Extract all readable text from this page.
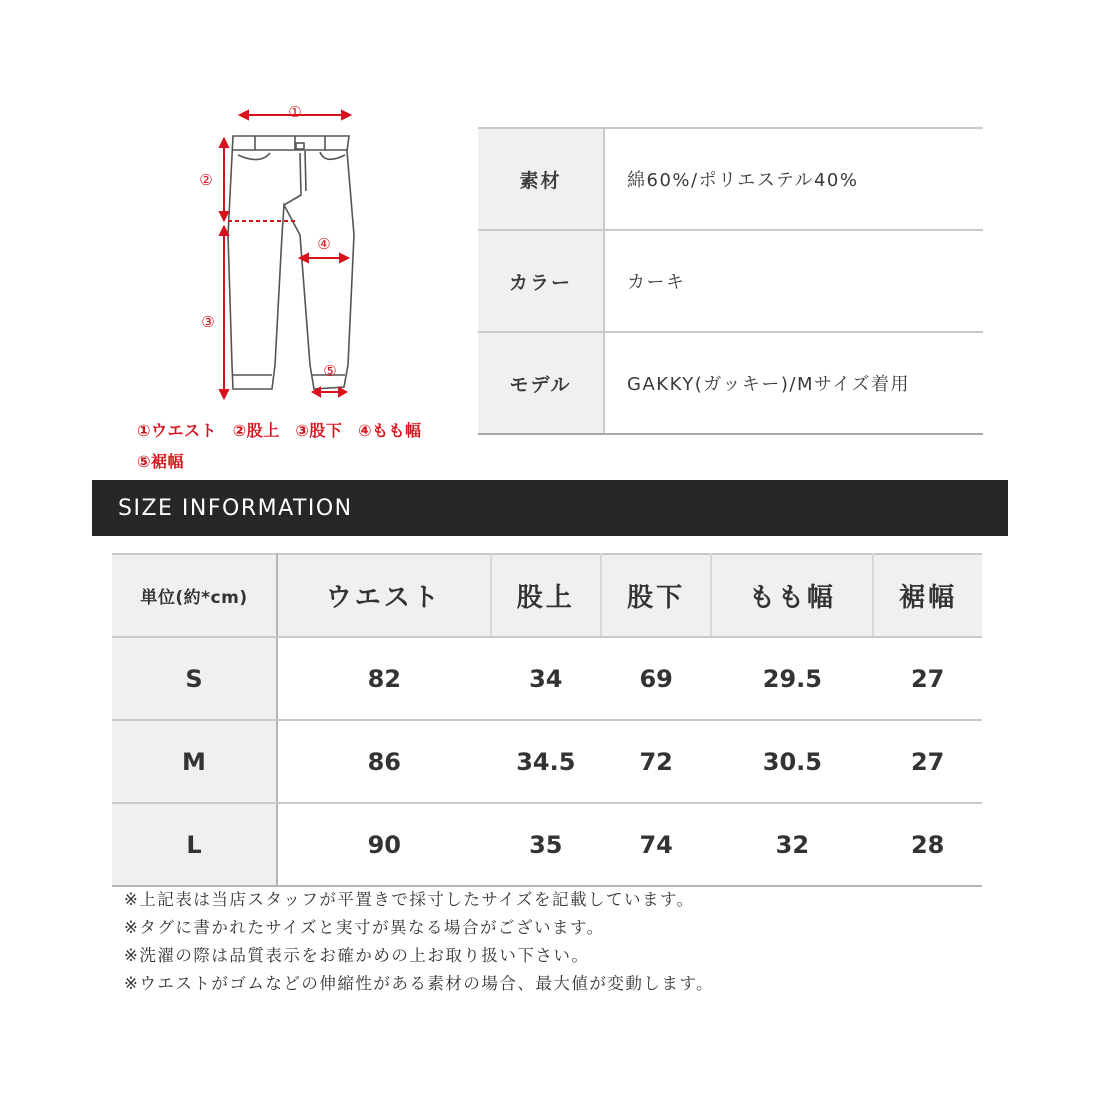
①
②
③
④
⑤
①ウエスト ②股上 ③股下 ④もも幅
⑤裾幅
素材	綿60%/ポリエステル40%
カラー	カーキ
モデル	GAKKY(ガッキー)/Mサイズ着用
SIZE INFORMATION
単位(約*cm)	ウエスト	股上	股下	もも幅	裾幅
S	82	34	69	29.5	27
M	86	34.5	72	30.5	27
L	90	35	74	32	28
※上記表は当店スタッフが平置きで採寸したサイズを記載しています。
※タグに書かれたサイズと実寸が異なる場合がございます。
※洗濯の際は品質表示をお確かめの上お取り扱い下さい。
※ウエストがゴムなどの伸縮性がある素材の場合、最大値が変動します。
